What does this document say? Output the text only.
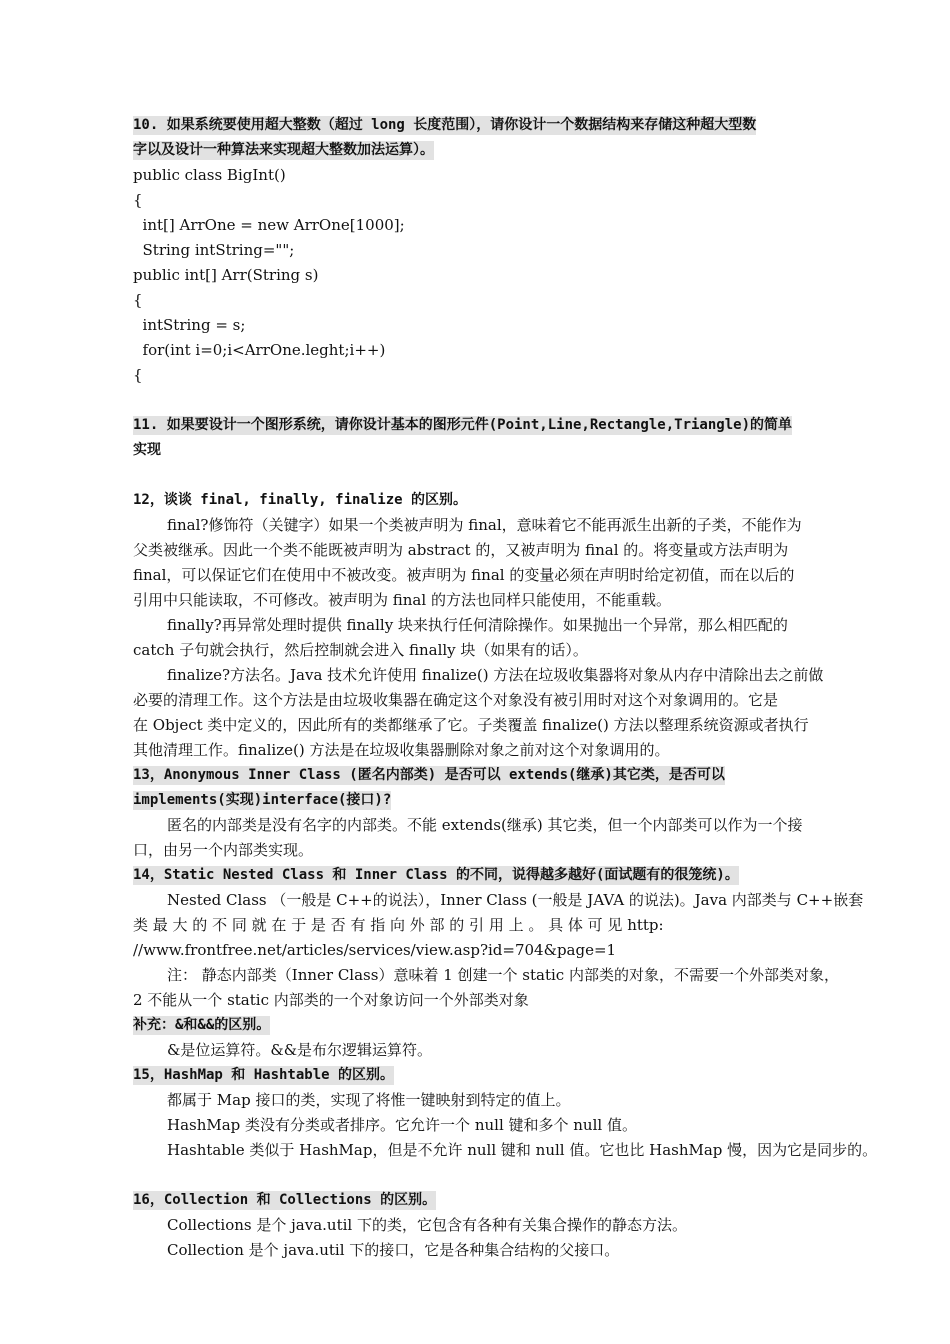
10. 如果系统要使用超大整数（超过 long 长度范围），请你设计一个数据结构来存储这种超大型数
字以及设计一种算法来实现超大整数加法运算）。
public class BigInt()
{
int[] ArrOne = new ArrOne[1000];
String intString="";
public int[] Arr(String s)
{
intString = s;
for(int i=0;i<ArrOne.leght;i++)
{
11. 如果要设计一个图形系统，请你设计基本的图形元件(Point,Line,Rectangle,Triangle)的简单
实现
12，谈谈 final, finally, finalize 的区别。
final?修饰符（关键字）如果一个类被声明为 final，意味着它不能再派生出新的子类，不能作为
父类被继承。因此一个类不能既被声明为 abstract 的，又被声明为 final 的。将变量或方法声明为
final，可以保证它们在使用中不被改变。被声明为 final 的变量必须在声明时给定初值，而在以后的
引用中只能读取，不可修改。被声明为 final 的方法也同样只能使用，不能重载。
finally?再异常处理时提供 finally 块来执行任何清除操作。如果抛出一个异常，那么相匹配的
catch 子句就会执行，然后控制就会进入 finally 块（如果有的话）。
finalize?方法名。Java 技术允许使用 finalize() 方法在垃圾收集器将对象从内存中清除出去之前做
必要的清理工作。这个方法是由垃圾收集器在确定这个对象没有被引用时对这个对象调用的。它是
在 Object 类中定义的，因此所有的类都继承了它。子类覆盖 finalize() 方法以整理系统资源或者执行
其他清理工作。finalize() 方法是在垃圾收集器删除对象之前对这个对象调用的。
13，Anonymous Inner Class (匿名内部类) 是否可以 extends(继承)其它类，是否可以
implements(实现)interface(接口)?
匿名的内部类是没有名字的内部类。不能 extends(继承) 其它类，但一个内部类可以作为一个接
口，由另一个内部类实现。
14，Static Nested Class 和 Inner Class 的不同，说得越多越好(面试题有的很笼统)。
Nested Class （一般是 C++的说法），Inner Class (一般是 JAVA 的说法)。Java 内部类与 C++嵌套
类 最 大 的 不 同 就 在 于 是 否 有 指 向 外 部 的 引 用 上 。 具 体 可 见 http:
//www.frontfree.net/articles/services/view.asp?id=704&page=1
注： 静态内部类（Inner Class）意味着 1 创建一个 static 内部类的对象，不需要一个外部类对象，
2 不能从一个 static 内部类的一个对象访问一个外部类对象
补充：&和&&的区别。
&是位运算符。&&是布尔逻辑运算符。
15，HashMap 和 Hashtable 的区别。
都属于 Map 接口的类，实现了将惟一键映射到特定的值上。
HashMap 类没有分类或者排序。它允许一个 null 键和多个 null 值。
Hashtable 类似于 HashMap，但是不允许 null 键和 null 值。它也比 HashMap 慢，因为它是同步的。
16，Collection 和 Collections 的区别。
Collections 是个 java.util 下的类，它包含有各种有关集合操作的静态方法。
Collection 是个 java.util 下的接口，它是各种集合结构的父接口。
